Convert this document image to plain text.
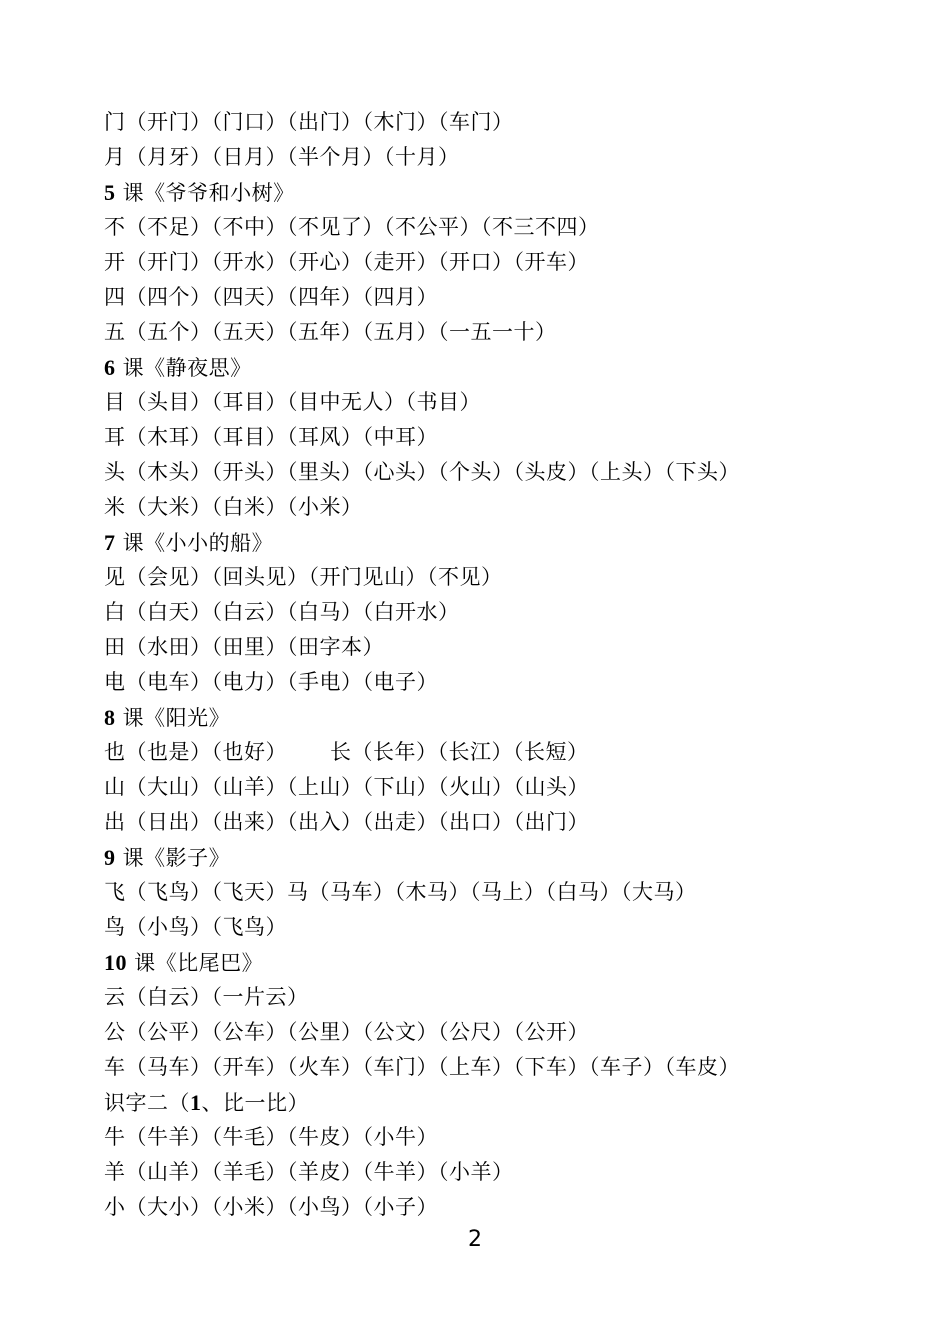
门（开门）（门口）（出门）（木门）（车门）
月（月牙）（日月）（半个月）（十月）
5 课《爷爷和小树》
不（不足）（不中）（不见了）（不公平）（不三不四）
开（开门）（开水）（开心）（走开）（开口）（开车）
四（四个）（四天）（四年）（四月）
五（五个）（五天）（五年）（五月）（一五一十）
6 课《静夜思》
目（头目）（耳目）（目中无人）（书目）
耳（木耳）（耳目）（耳风）（中耳）
头（木头）（开头）（里头）（心头）（个头）（头皮）（上头）（下头）
米（大米）（白米）（小米）
7 课《小小的船》
见（会见）（回头见）（开门见山）（不见）
白（白天）（白云）（白马）（白开水）
田（水田）（田里）（田字本）
电（电车）（电力）（手电）（电子）
8 课《阳光》
也（也是）（也好）      长（长年）（长江）（长短）
山（大山）（山羊）（上山）（下山）（火山）（山头）
出（日出）（出来）（出入）（出走）（出口）（出门）
9 课《影子》
飞（飞鸟）（飞天）马（马车）（木马）（马上）（白马）（大马）
鸟（小鸟）（飞鸟）
10 课《比尾巴》
云（白云）（一片云）
公（公平）（公车）（公里）（公文）（公尺）（公开）
车（马车）（开车）（火车）（车门）（上车）（下车）（车子）（车皮）
识字二（1、比一比）
牛（牛羊）（牛毛）（牛皮）（小牛）
羊（山羊）（羊毛）（羊皮）（牛羊）（小羊）
小（大小）（小米）（小鸟）（小子）
2
